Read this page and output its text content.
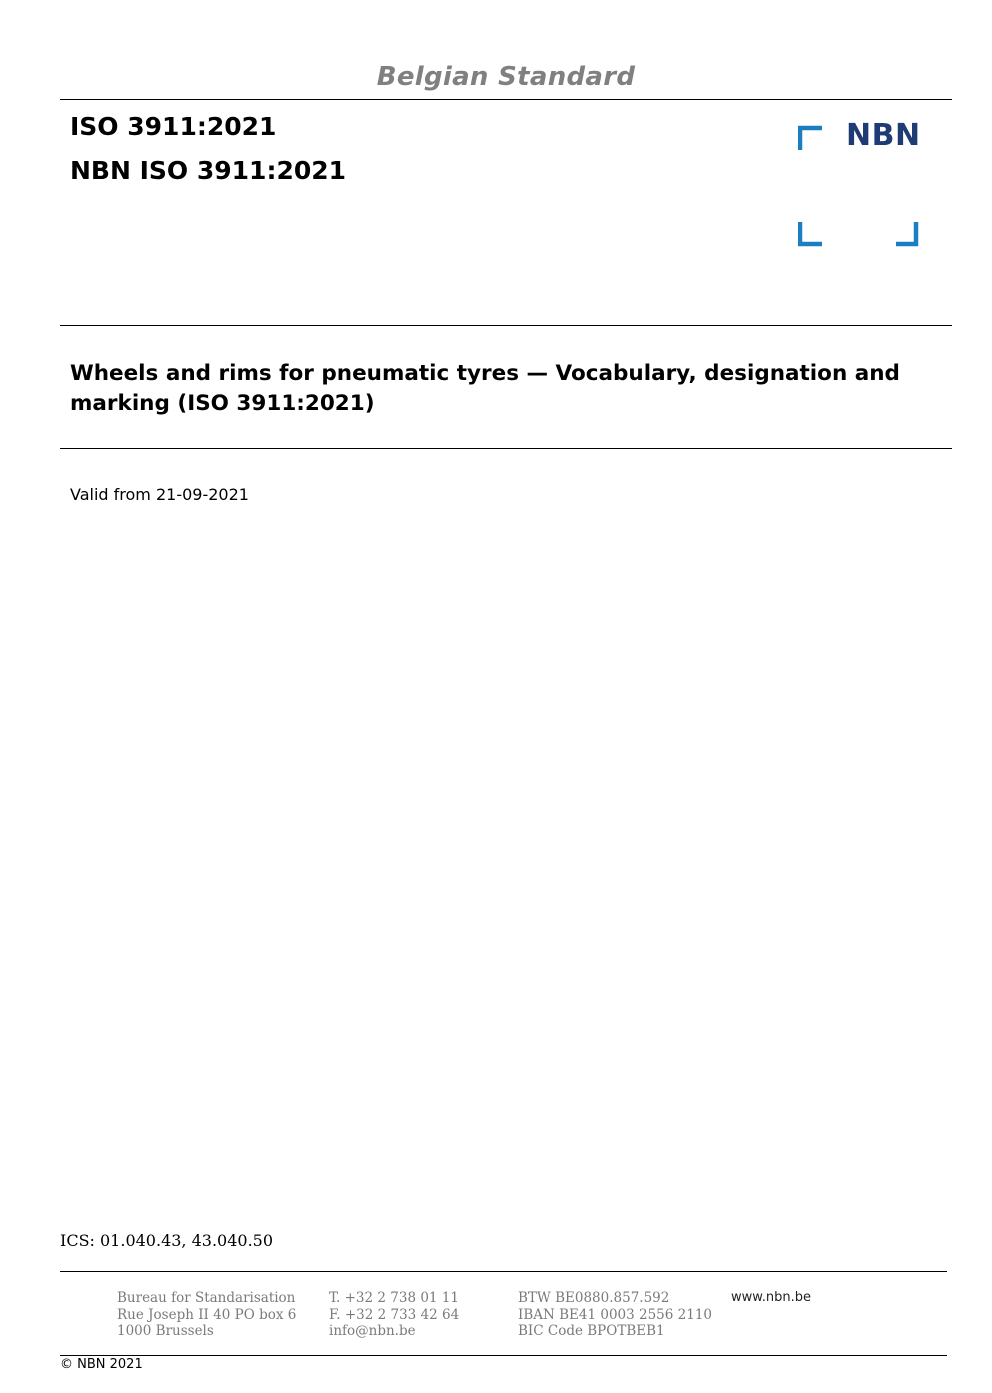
Belgian Standard
ISO 3911:2021
NBN ISO 3911:2021
NBN
Wheels and rims for pneumatic tyres — Vocabulary, designation and marking (ISO 3911:2021)
Valid from 21-09-2021
ICS: 01.040.43, 43.040.50
Bureau for Standarisation
Rue Joseph II 40 PO box 6
1000 Brussels
T. +32 2 738 01 11
F. +32 2 733 42 64
info@nbn.be
BTW BE0880.857.592
IBAN BE41 0003 2556 2110
BIC Code BPOTBEB1
www.nbn.be
© NBN 2021
